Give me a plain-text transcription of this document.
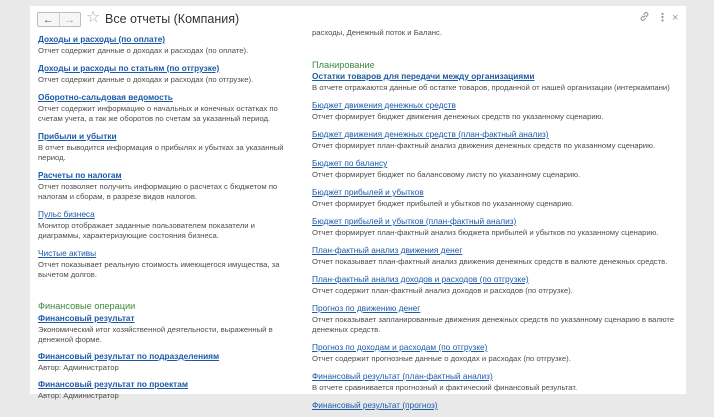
← → ☆ Все отчеты (Компания)	⋮ ×
Доходы и расходы (по оплате)
Отчет содержит данные о доходах и расходах (по оплате).
Доходы и расходы по статьям (по отгрузке)
Отчет содержит данные о доходах и расходах (по отгрузке).
Оборотно-сальдовая ведомость
Отчет содержит информацию о начальных и конечных остатках по счетам учета, а так же оборотов по счетам за указанный период.
Прибыли и убытки
В отчет выводится информация о прибылях и убытках за указанный период.
Расчеты по налогам
Отчет позволяет получить информацию о расчетах с бюджетом по налогам и сборам, в разрезе видов налогов.
Пульс бизнеса
Монитор отображает заданные пользователем показатели и диаграммы, характеризующие состояния бизнеса.
Чистые активы
Отчет показывает реальную стоимость имеющегося имущества, за вычетом долгов.
Финансовые операции
Финансовый результат
Экономический итог хозяйственной деятельности, выраженный в денежной форме.
Финансовый результат по подразделениям
Автор: Администратор
Финансовый результат по проектам
Автор: Администратор
расходы, Денежный поток и Баланс.
Планирование
Остатки товаров для передачи между организациями
В отчете отражаются данные об остатке товаров, проданной от нашей организации (интеркампани)
Бюджет движения денежных средств
Отчет формирует бюджет движения денежных средств по указанному сценарию.
Бюджет движения денежных средств (план-фактный анализ)
Отчет формирует план-фактный анализ движения денежных средств по указанному сценарию.
Бюджет по балансу
Отчет формирует бюджет по балансовому листу по указанному сценарию.
Бюджет прибылей и убытков
Отчет формирует бюджет прибылей и убытков по указанному сценарию.
Бюджет прибылей и убытков (план-фактный анализ)
Отчет формирует план-фактный анализ бюджета прибылей и убытков по указанному сценарию.
План-фактный анализ движения денег
Отчет показывает план-фактный анализ движения денежных средств в валюте денежных средств.
План-фактный анализ доходов и расходов (по отгрузке)
Отчет содержит план-фактный анализ доходов и расходов (по отгрузке).
Прогноз по движению денег
Отчет показывает запланированные движения денежных средств по указанному сценарию в валюте денежных средств.
Прогноз по доходам и расходам (по отгрузке)
Отчет содержит прогнозные данные о доходах и расходах (по отгрузке).
Финансовый результат (план-фактный анализ)
В отчете сравнивается прогнозный и фактический финансовый результат.
Финансовый результат (прогноз)
